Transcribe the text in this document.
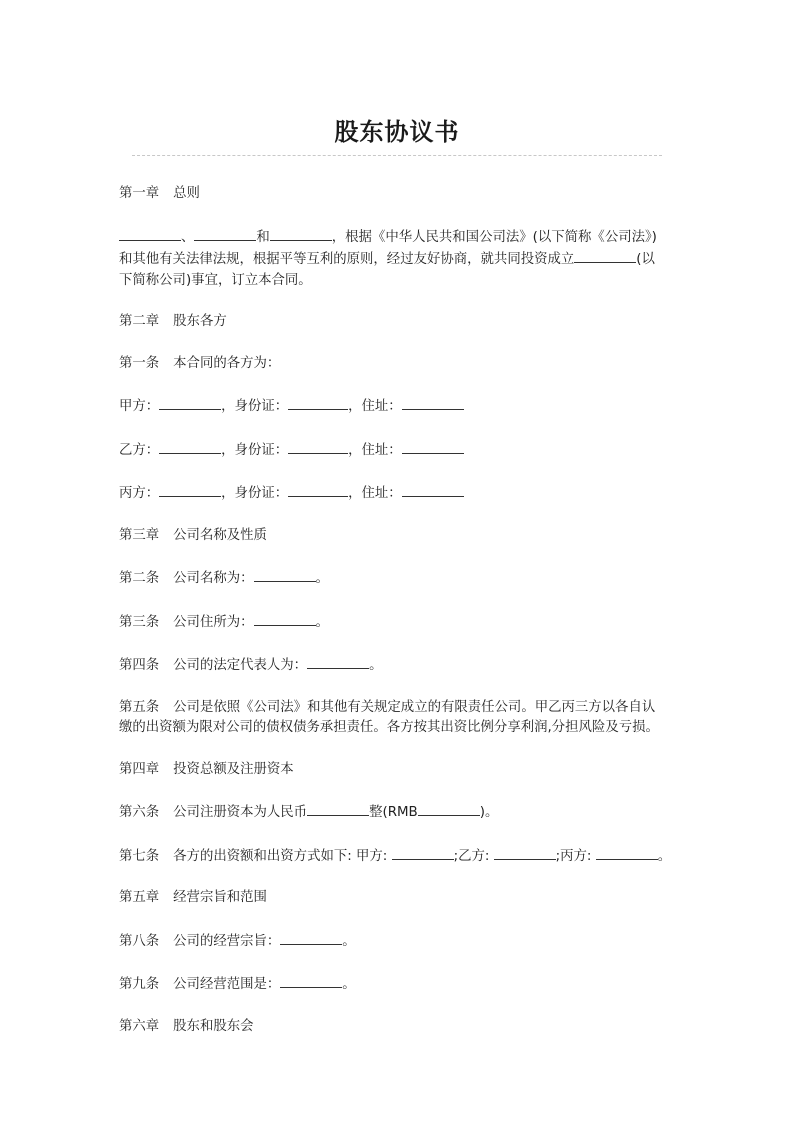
股东协议书
第一章 总则

、	和	，根据《中华人民共和国公司法》(以下简称《公司法》)

和其他有关法律法规，根据平等互利的原则，经过友好协商，就共同投资成立	(以

下简称公司)事宜，订立本合同。

第二章 股东各方
第一条 本合同的各方为：
甲方：	，身份证：	，住址：
乙方：	，身份证：	，住址：
丙方：	，身份证：	，住址：
第三章 公司名称及性质
第二条 公司名称为：	。
第三条 公司住所为：	。
第四条 公司的法定代表人为：	。

第五条 公司是依照《公司法》和其他有关规定成立的有限责任公司。甲乙丙三方以各自认

缴的出资额为限对公司的债权债务承担责任。各方按其出资比例分享利润,分担风险及亏损。

第四章 投资总额及注册资本
第六条 公司注册资本为人民币	整(RMB	)。
第七条 各方的出资额和出资方式如下: 甲方:	;乙方:	;丙方:	。
第五章 经营宗旨和范围
第八条 公司的经营宗旨：	。
第九条 公司经营范围是：	。
第六章 股东和股东会
